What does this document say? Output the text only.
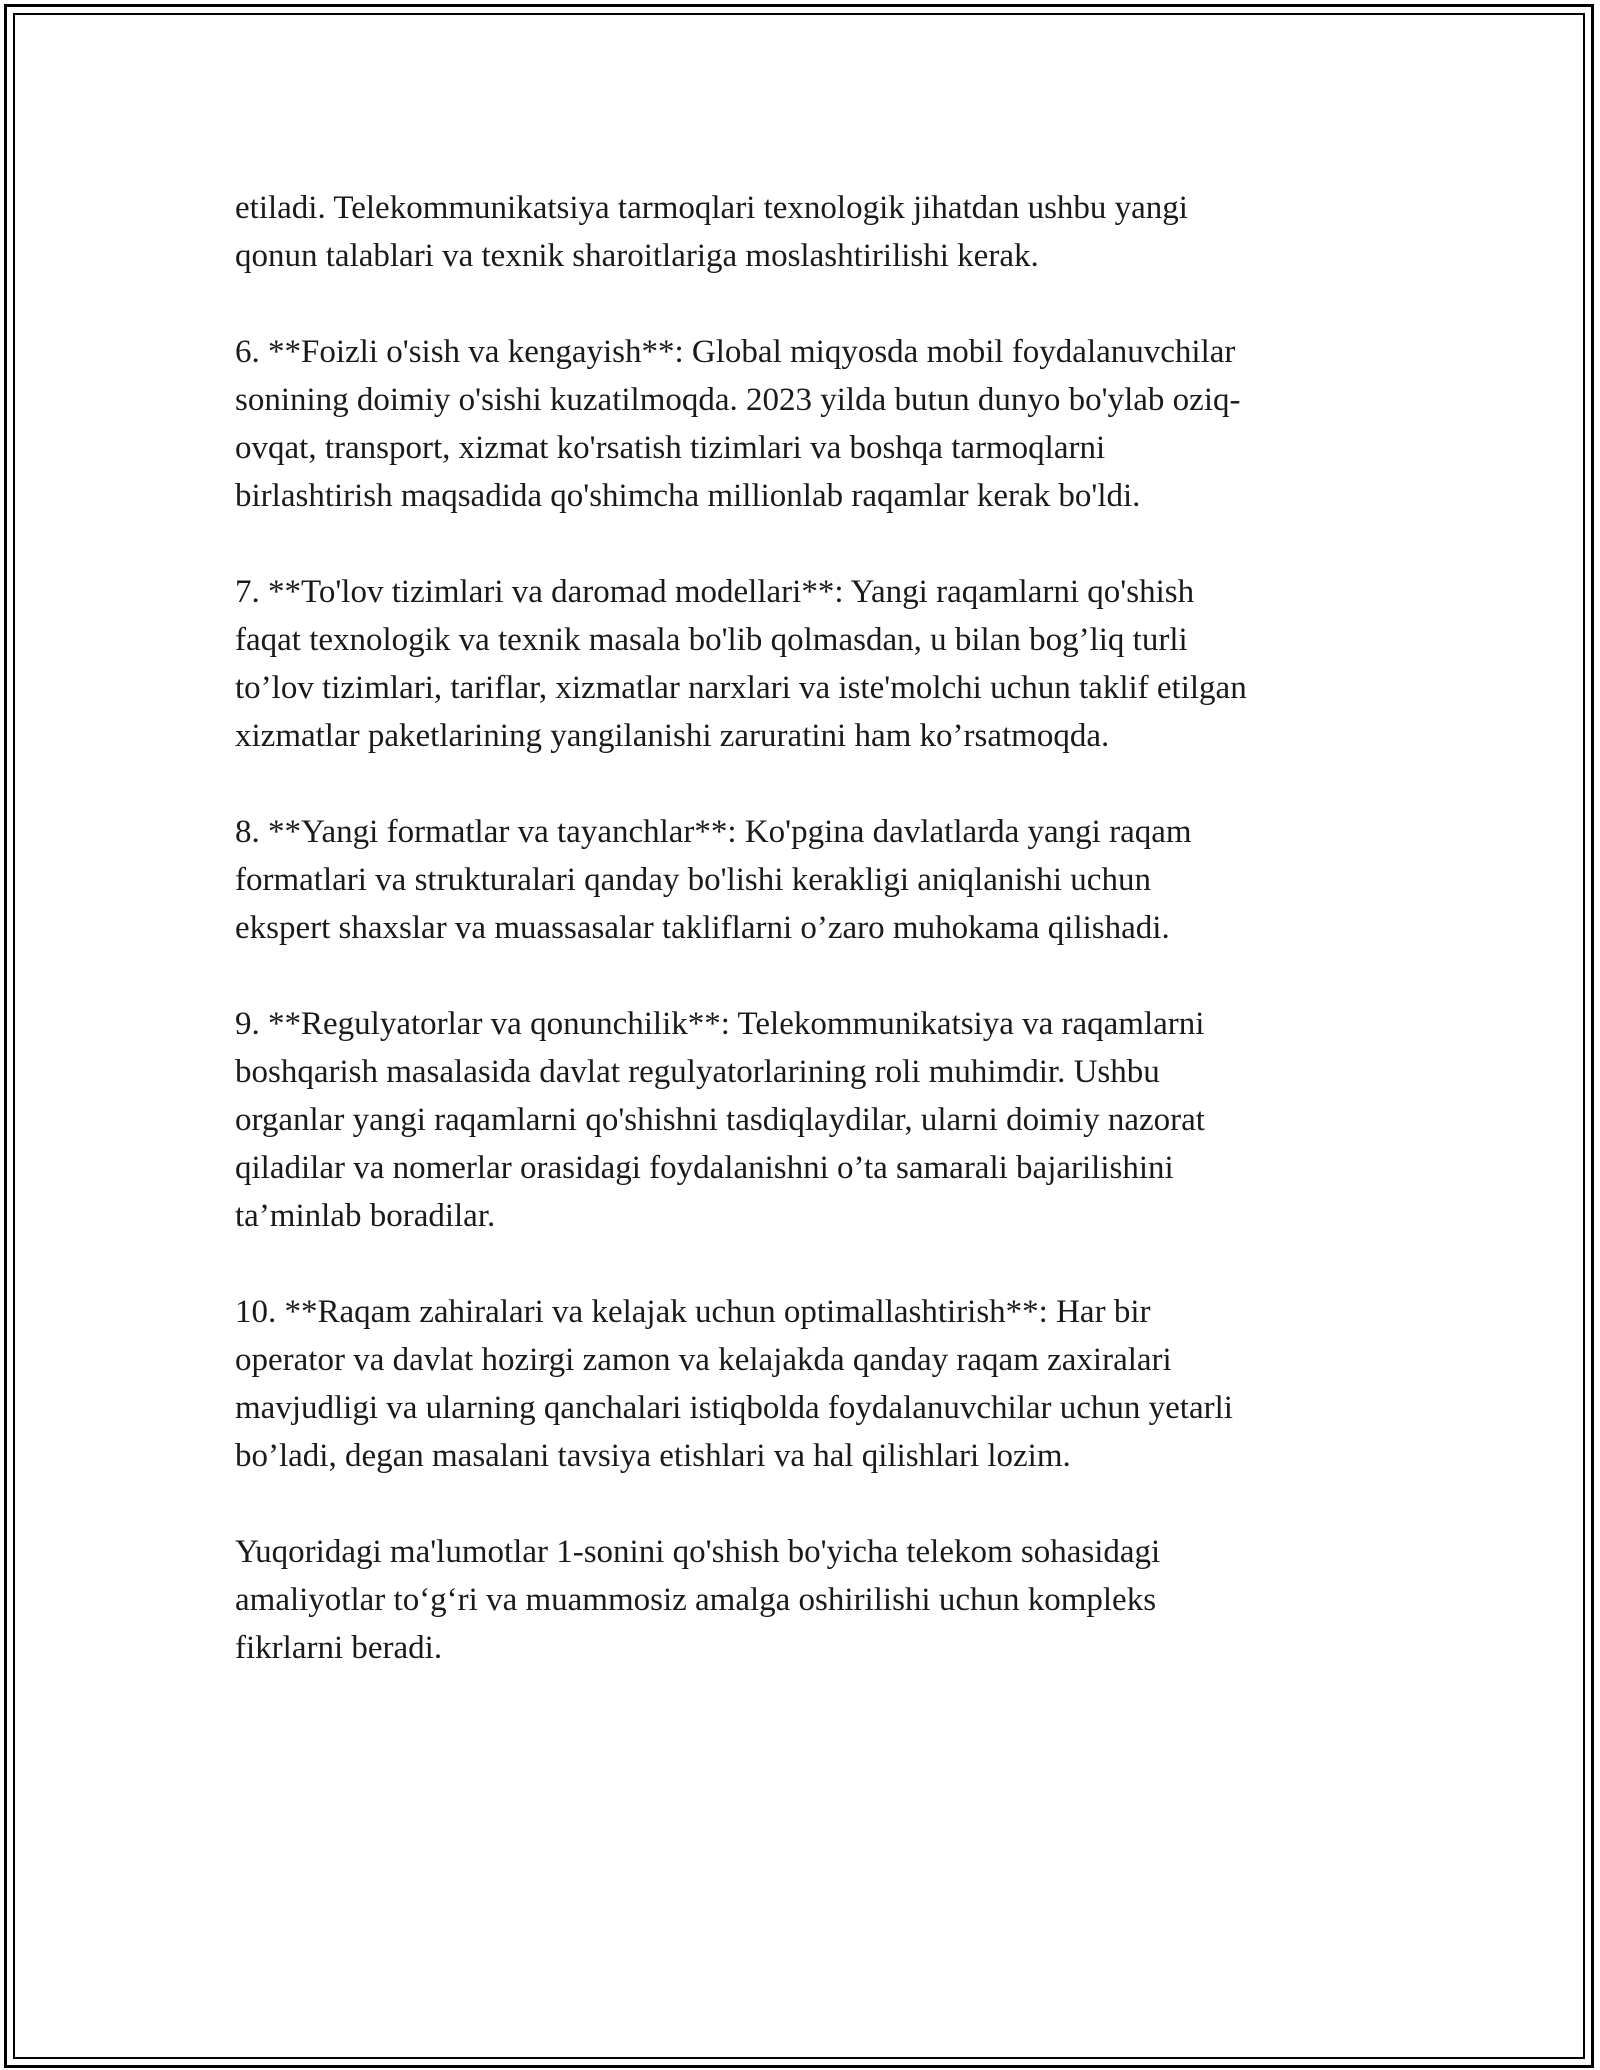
etiladi. Telekommunikatsiya tarmoqlari texnologik jihatdan ushbu yangi
qonun talablari va texnik sharoitlariga moslashtirilishi kerak.

6. **Foizli o'sish va kengayish**: Global miqyosda mobil foydalanuvchilar
sonining doimiy o'sishi kuzatilmoqda. 2023 yilda butun dunyo bo'ylab oziq-
ovqat, transport, xizmat ko'rsatish tizimlari va boshqa tarmoqlarni
birlashtirish maqsadida qo'shimcha millionlab raqamlar kerak bo'ldi.

7. **To'lov tizimlari va daromad modellari**: Yangi raqamlarni qo'shish
faqat texnologik va texnik masala bo'lib qolmasdan, u bilan bog’liq turli
to’lov tizimlari, tariflar, xizmatlar narxlari va iste'molchi uchun taklif etilgan
xizmatlar paketlarining yangilanishi zaruratini ham ko’rsatmoqda.

8. **Yangi formatlar va tayanchlar**: Ko'pgina davlatlarda yangi raqam
formatlari va strukturalari qanday bo'lishi kerakligi aniqlanishi uchun
ekspert shaxslar va muassasalar takliflarni o’zaro muhokama qilishadi.

9. **Regulyatorlar va qonunchilik**: Telekommunikatsiya va raqamlarni
boshqarish masalasida davlat regulyatorlarining roli muhimdir. Ushbu
organlar yangi raqamlarni qo'shishni tasdiqlaydilar, ularni doimiy nazorat
qiladilar va nomerlar orasidagi foydalanishni o’ta samarali bajarilishini
ta’minlab boradilar.

10. **Raqam zahiralari va kelajak uchun optimallashtirish**: Har bir
operator va davlat hozirgi zamon va kelajakda qanday raqam zaxiralari
mavjudligi va ularning qanchalari istiqbolda foydalanuvchilar uchun yetarli
bo’ladi, degan masalani tavsiya etishlari va hal qilishlari lozim.

Yuqoridagi ma'lumotlar 1-sonini qo'shish bo'yicha telekom sohasidagi
amaliyotlar to‘g‘ri va muammosiz amalga oshirilishi uchun kompleks
fikrlarni beradi.
